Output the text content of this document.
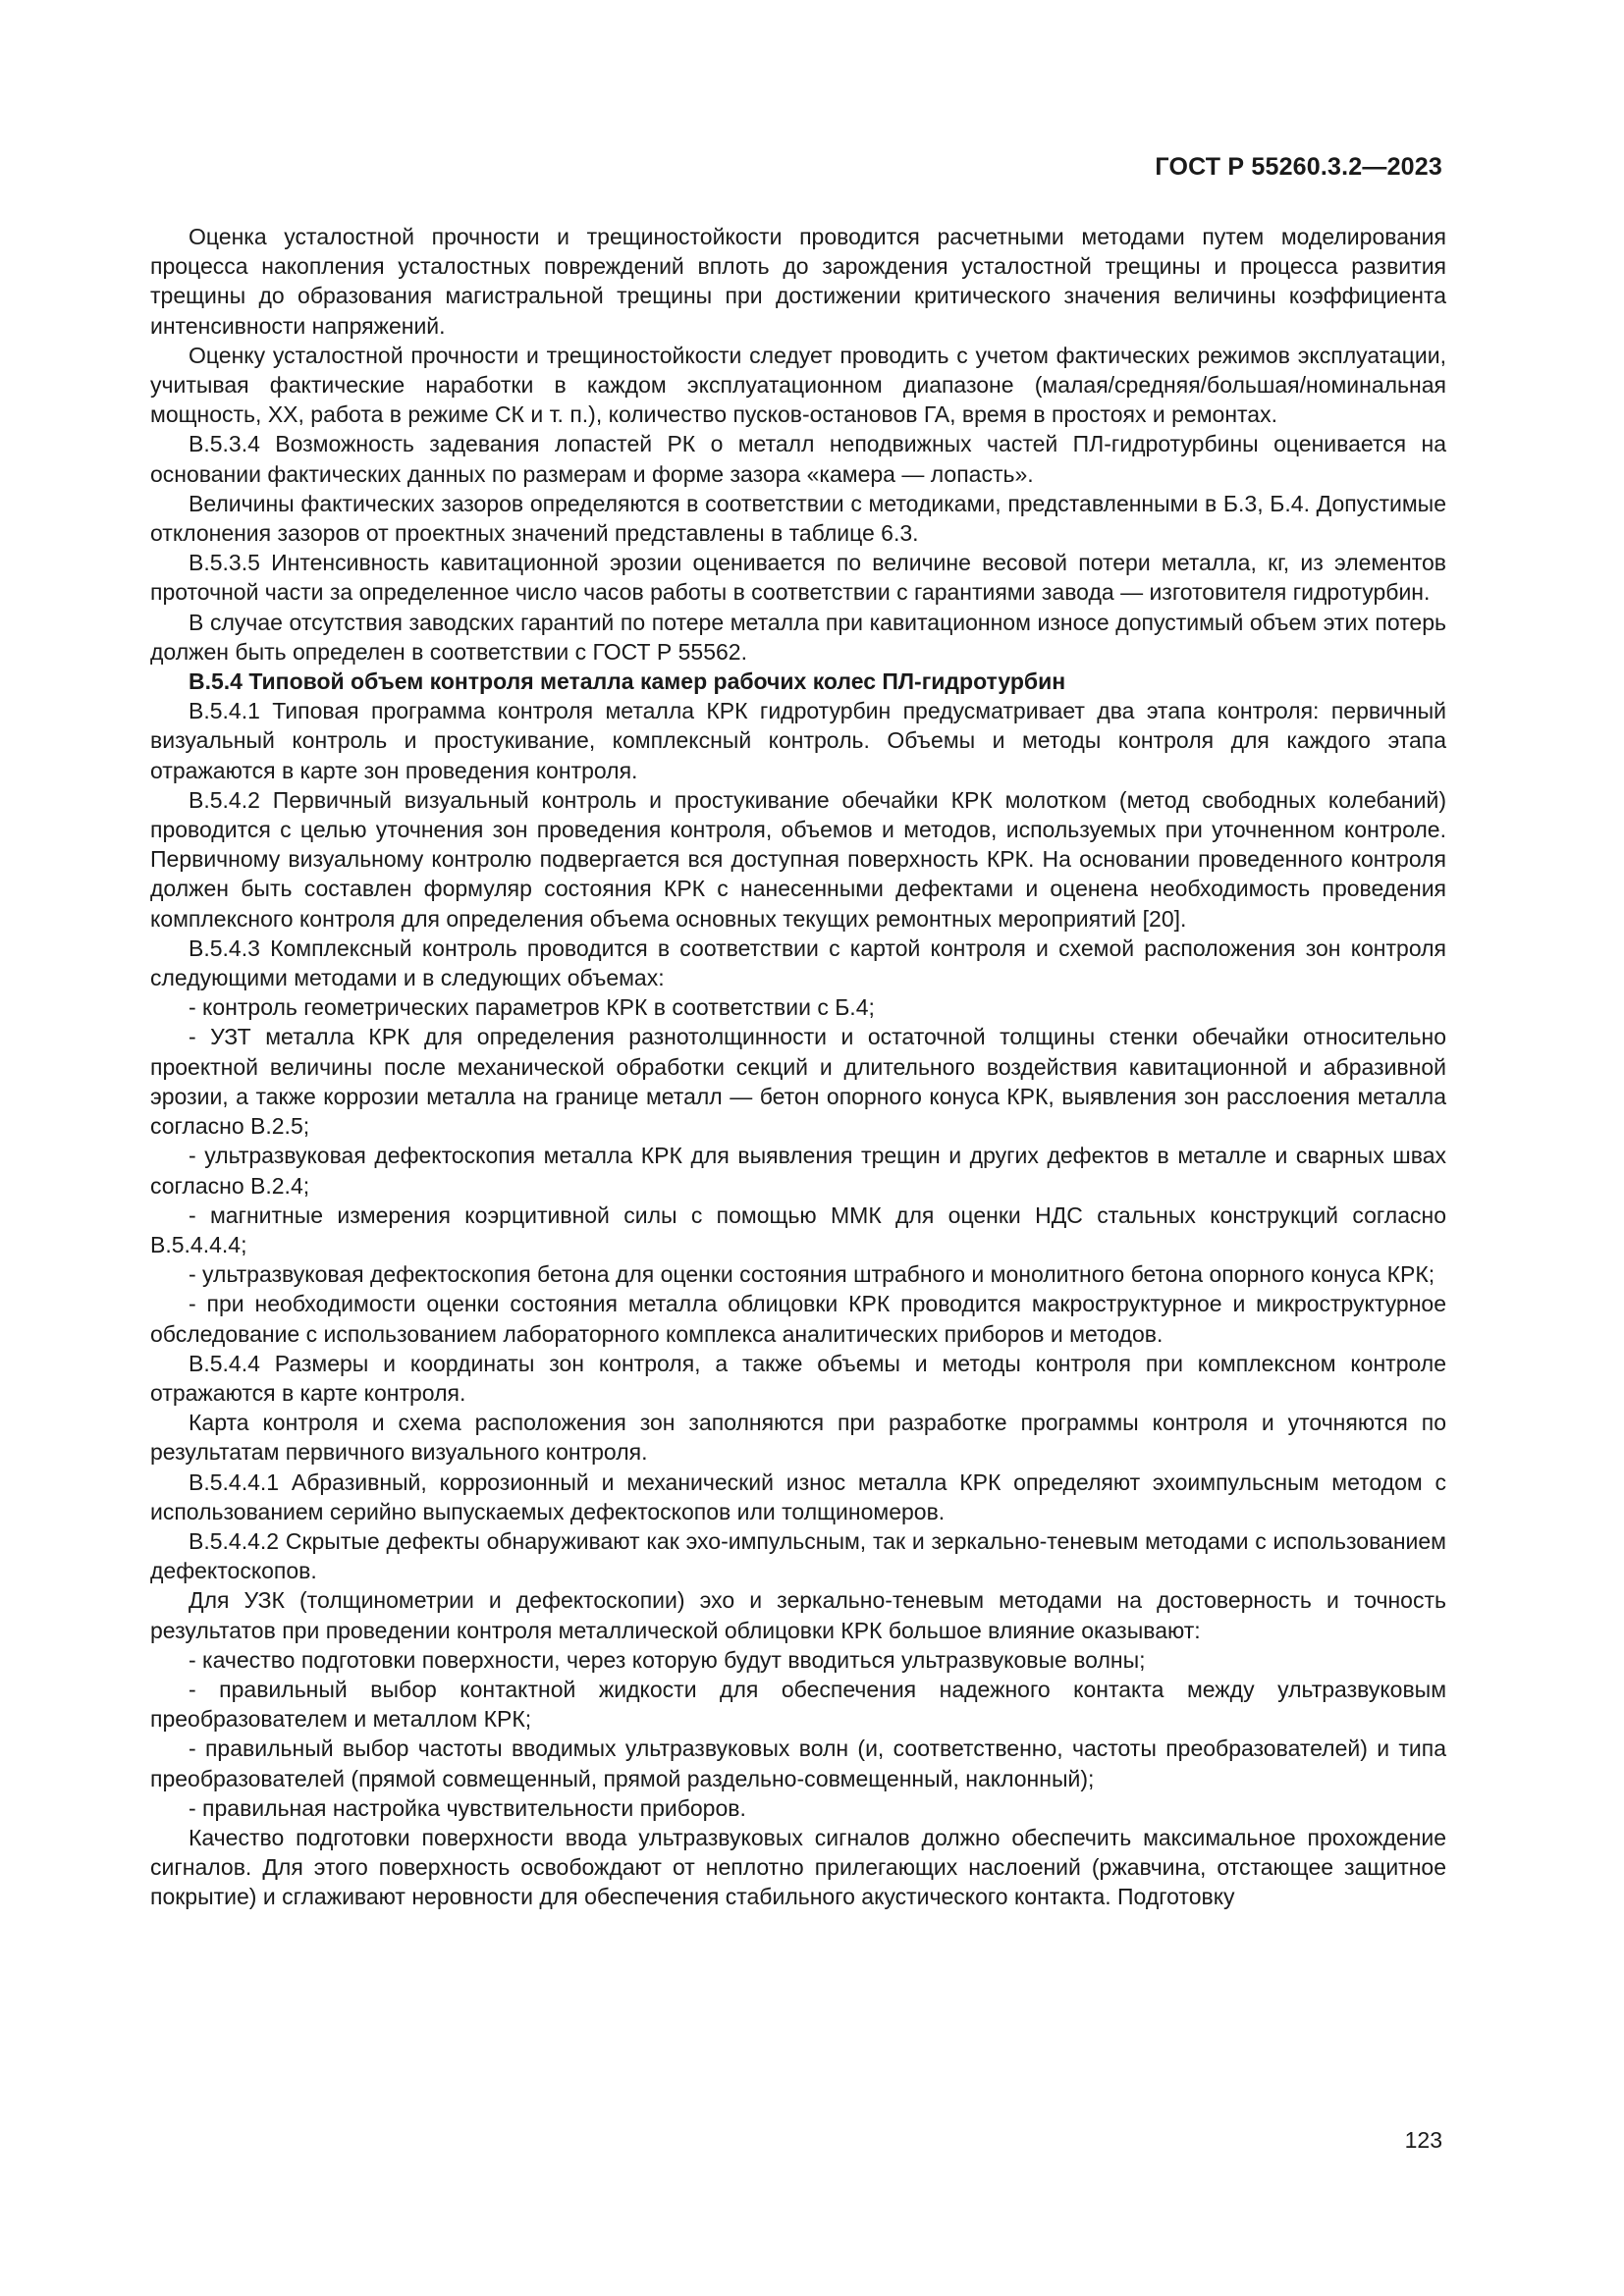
ГОСТ Р 55260.3.2—2023

Оценка усталостной прочности и трещиностойкости проводится расчетными методами путем моделирования процесса накопления усталостных повреждений вплоть до зарождения усталостной трещины и процесса развития трещины до образования магистральной трещины при достижении критического значения величины коэффициента интенсивности напряжений.

Оценку усталостной прочности и трещиностойкости следует проводить с учетом фактических режимов эксплуатации, учитывая фактические наработки в каждом эксплуатационном диапазоне (малая/средняя/большая/номинальная мощность, ХХ, работа в режиме СК и т. п.), количество пусков-остановов ГА, время в простоях и ремонтах.

В.5.3.4 Возможность задевания лопастей РК о металл неподвижных частей ПЛ-гидротурбины оценивается на основании фактических данных по размерам и форме зазора «камера — лопасть».

Величины фактических зазоров определяются в соответствии с методиками, представленными в Б.3, Б.4. Допустимые отклонения зазоров от проектных значений представлены в таблице 6.3.

В.5.3.5 Интенсивность кавитационной эрозии оценивается по величине весовой потери металла, кг, из элементов проточной части за определенное число часов работы в соответствии с гарантиями завода — изготовителя гидротурбин.

В случае отсутствия заводских гарантий по потере металла при кавитационном износе допустимый объем этих потерь должен быть определен в соответствии с ГОСТ Р 55562.

В.5.4 Типовой объем контроля металла камер рабочих колес ПЛ-гидротурбин

В.5.4.1 Типовая программа контроля металла КРК гидротурбин предусматривает два этапа контроля: первичный визуальный контроль и простукивание, комплексный контроль. Объемы и методы контроля для каждого этапа отражаются в карте зон проведения контроля.

В.5.4.2 Первичный визуальный контроль и простукивание обечайки КРК молотком (метод свободных колебаний) проводится с целью уточнения зон проведения контроля, объемов и методов, используемых при уточненном контроле. Первичному визуальному контролю подвергается вся доступная поверхность КРК. На основании проведенного контроля должен быть составлен формуляр состояния КРК с нанесенными дефектами и оценена необходимость проведения комплексного контроля для определения объема основных текущих ремонтных мероприятий [20].

В.5.4.3 Комплексный контроль проводится в соответствии с картой контроля и схемой расположения зон контроля следующими методами и в следующих объемах:

- контроль геометрических параметров КРК в соответствии с Б.4;

- УЗТ металла КРК для определения разнотолщинности и остаточной толщины стенки обечайки относительно проектной величины после механической обработки секций и длительного воздействия кавитационной и абразивной эрозии, а также коррозии металла на границе металл — бетон опорного конуса КРК, выявления зон расслоения металла согласно В.2.5;

- ультразвуковая дефектоскопия металла КРК для выявления трещин и других дефектов в металле и сварных швах согласно В.2.4;

- магнитные измерения коэрцитивной силы с помощью ММК для оценки НДС стальных конструкций согласно В.5.4.4.4;

- ультразвуковая дефектоскопия бетона для оценки состояния штрабного и монолитного бетона опорного конуса КРК;

- при необходимости оценки состояния металла облицовки КРК проводится макроструктурное и микроструктурное обследование с использованием лабораторного комплекса аналитических приборов и методов.

В.5.4.4 Размеры и координаты зон контроля, а также объемы и методы контроля при комплексном контроле отражаются в карте контроля.

Карта контроля и схема расположения зон заполняются при разработке программы контроля и уточняются по результатам первичного визуального контроля.

В.5.4.4.1 Абразивный, коррозионный и механический износ металла КРК определяют эхоимпульсным методом с использованием серийно выпускаемых дефектоскопов или толщиномеров.

В.5.4.4.2 Скрытые дефекты обнаруживают как эхо-импульсным, так и зеркально-теневым методами с использованием дефектоскопов.

Для УЗК (толщинометрии и дефектоскопии) эхо и зеркально-теневым методами на достоверность и точность результатов при проведении контроля металлической облицовки КРК большое влияние оказывают:

- качество подготовки поверхности, через которую будут вводиться ультразвуковые волны;

- правильный выбор контактной жидкости для обеспечения надежного контакта между ультразвуковым преобразователем и металлом КРК;

- правильный выбор частоты вводимых ультразвуковых волн (и, соответственно, частоты преобразователей) и типа преобразователей (прямой совмещенный, прямой раздельно-совмещенный, наклонный);

- правильная настройка чувствительности приборов.

Качество подготовки поверхности ввода ультразвуковых сигналов должно обеспечить максимальное прохождение сигналов. Для этого поверхность освобождают от неплотно прилегающих наслоений (ржавчина, отстающее защитное покрытие) и сглаживают неровности для обеспечения стабильного акустического контакта. Подготовку

123
